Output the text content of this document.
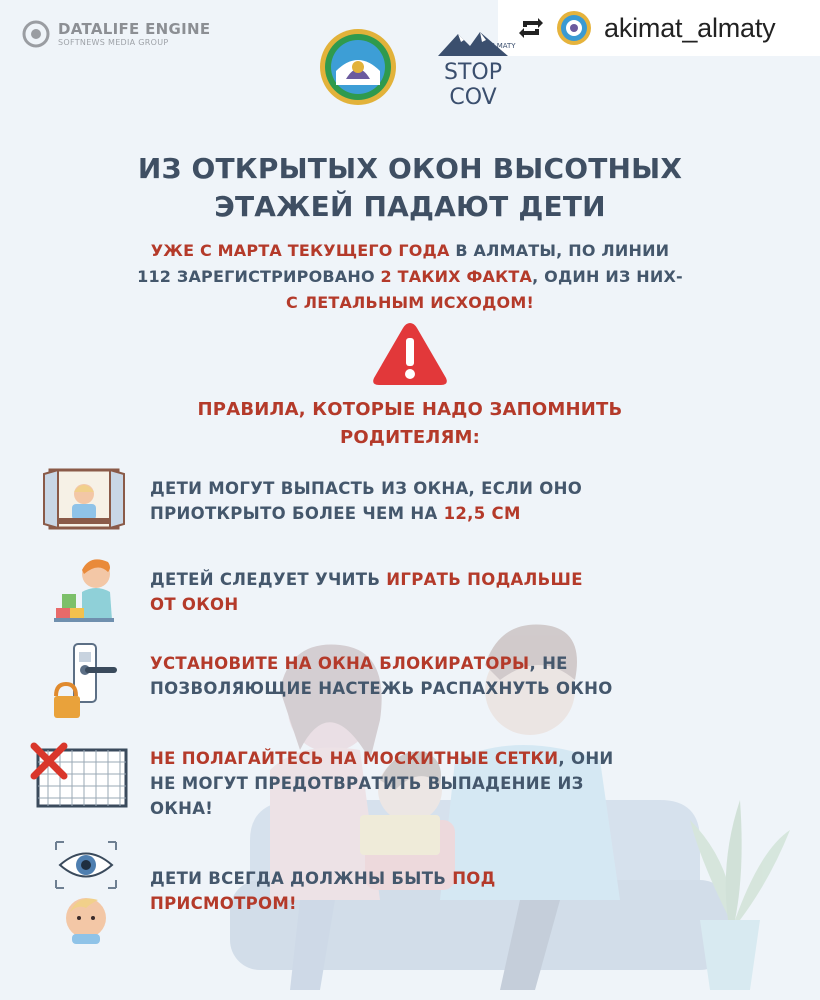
DATALIFE ENGINE
SOFTNEWS MEDIA GROUP	akimat_almaty
ALMATY
STOP
COV
ИЗ ОТКРЫТЫХ ОКОН ВЫСОТНЫХ
ЭТАЖЕЙ ПАДАЮТ ДЕТИ
УЖЕ С МАРТА ТЕКУЩЕГО ГОДА В АЛМАТЫ, ПО ЛИНИИ
112 ЗАРЕГИСТРИРОВАНО 2 ТАКИХ ФАКТА, ОДИН ИЗ НИХ-
С ЛЕТАЛЬНЫМ ИСХОДОМ!
ПРАВИЛА, КОТОРЫЕ НАДО ЗАПОМНИТЬ
РОДИТЕЛЯМ:
ДЕТИ МОГУТ ВЫПАСТЬ ИЗ ОКНА, ЕСЛИ ОНО
ПРИОТКРЫТО БОЛЕЕ ЧЕМ НА 12,5 СМ
ДЕТЕЙ СЛЕДУЕТ УЧИТЬ ИГРАТЬ ПОДАЛЬШЕ
ОТ ОКОН
УСТАНОВИТЕ НА ОКНА БЛОКИРАТОРЫ, НЕ
ПОЗВОЛЯЮЩИЕ НАСТЕЖЬ РАСПАХНУТЬ ОКНО
НЕ ПОЛАГАЙТЕСЬ НА МОСКИТНЫЕ СЕТКИ, ОНИ
НЕ МОГУТ ПРЕДОТВРАТИТЬ ВЫПАДЕНИЕ ИЗ
ОКНА!
ДЕТИ ВСЕГДА ДОЛЖНЫ БЫТЬ ПОД
ПРИСМОТРОМ!
